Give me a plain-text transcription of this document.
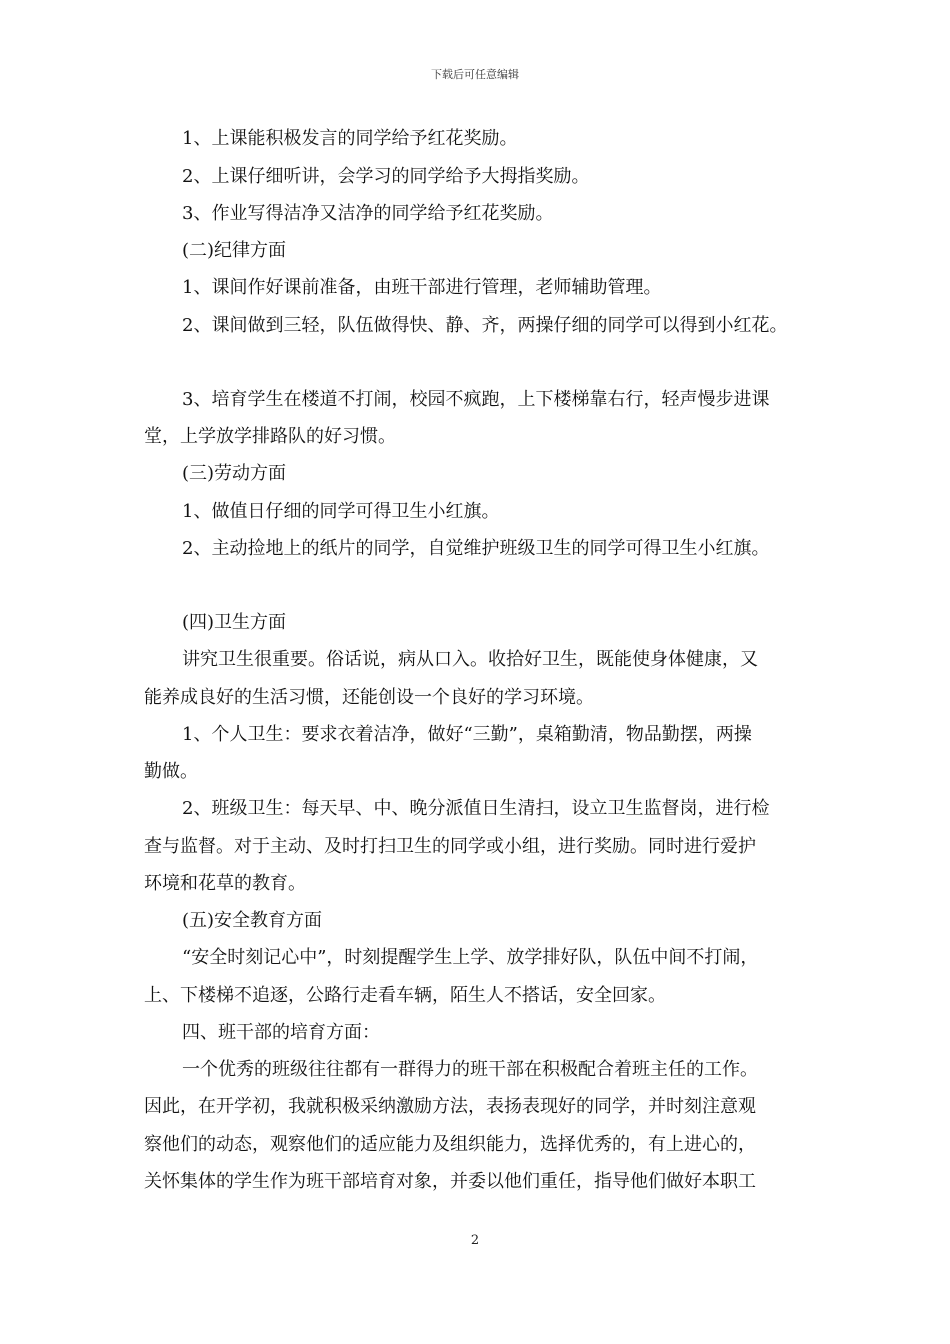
下载后可任意编辑
1、上课能积极发言的同学给予红花奖励。
2、上课仔细听讲，会学习的同学给予大拇指奖励。
3、作业写得洁净又洁净的同学给予红花奖励。
(二)纪律方面
1、课间作好课前准备，由班干部进行管理，老师辅助管理。
2、课间做到三轻，队伍做得快、静、齐，两操仔细的同学可以得到小红花。
3、培育学生在楼道不打闹，校园不疯跑，上下楼梯靠右行，轻声慢步进课
堂，上学放学排路队的好习惯。
(三)劳动方面
1、做值日仔细的同学可得卫生小红旗。
2、主动捡地上的纸片的同学，自觉维护班级卫生的同学可得卫生小红旗。
(四)卫生方面
讲究卫生很重要。俗话说，病从口入。收拾好卫生，既能使身体健康，又
能养成良好的生活习惯，还能创设一个良好的学习环境。
1、个人卫生：要求衣着洁净，做好“三勤”，桌箱勤清，物品勤摆，两操
勤做。
2、班级卫生：每天早、中、晚分派值日生清扫，设立卫生监督岗，进行检
查与监督。对于主动、及时打扫卫生的同学或小组，进行奖励。同时进行爱护
环境和花草的教育。
(五)安全教育方面
“安全时刻记心中”，时刻提醒学生上学、放学排好队，队伍中间不打闹，
上、下楼梯不追逐，公路行走看车辆，陌生人不搭话，安全回家。
四、班干部的培育方面：
一个优秀的班级往往都有一群得力的班干部在积极配合着班主任的工作。
因此，在开学初，我就积极采纳激励方法，表扬表现好的同学，并时刻注意观
察他们的动态，观察他们的适应能力及组织能力，选择优秀的，有上进心的，
关怀集体的学生作为班干部培育对象，并委以他们重任，指导他们做好本职工
2
